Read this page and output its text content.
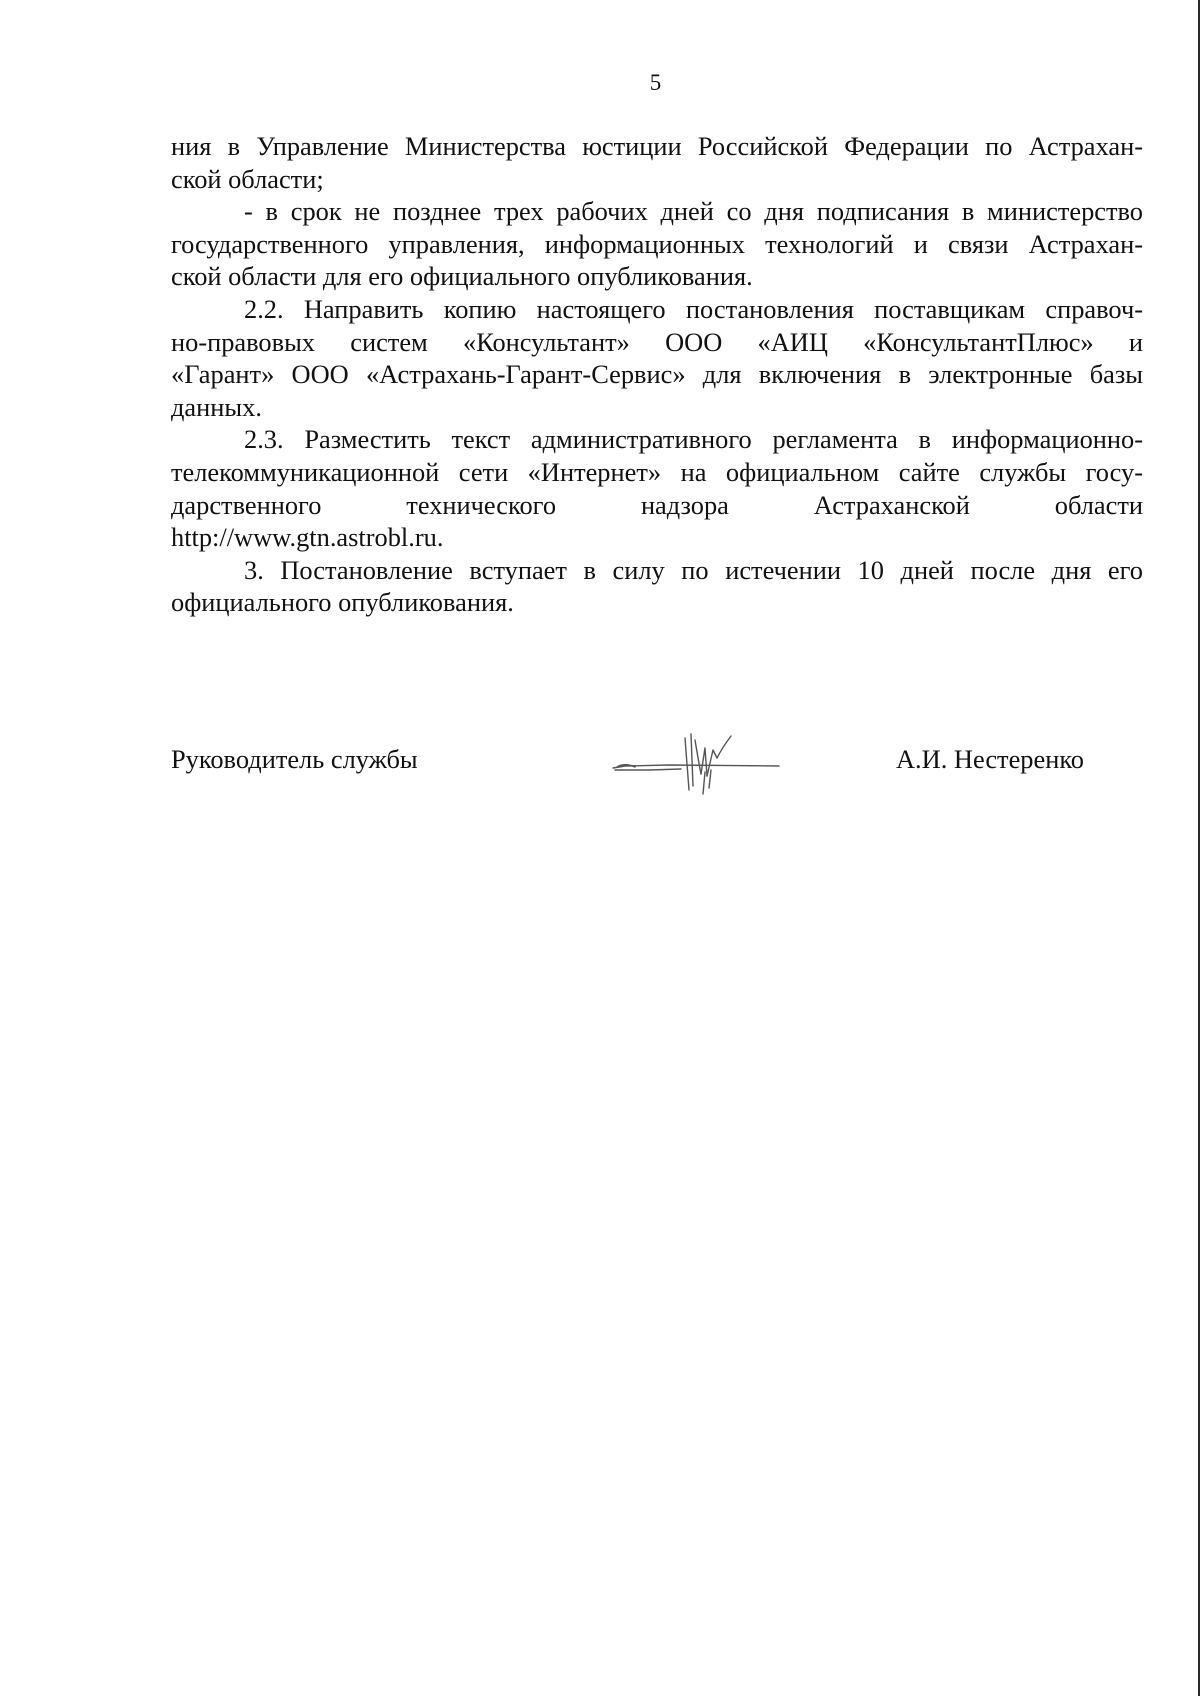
5
ния в Управление Министерства юстиции Российской Федерации по Астрахан-
ской области;
- в срок не позднее трех рабочих дней со дня подписания в министерство
государственного управления, информационных технологий и связи Астрахан-
ской области для его официального опубликования.
2.2. Направить копию настоящего постановления поставщикам справоч-
но-правовых систем «Консультант» ООО «АИЦ «КонсультантПлюс» и
«Гарант» ООО «Астрахань-Гарант-Сервис» для включения в электронные базы
данных.
2.3. Разместить текст административного регламента в информационно-
телекоммуникационной сети «Интернет» на официальном сайте службы госу-
дарственного технического надзора Астраханской области
http://www.gtn.astrobl.ru.
3. Постановление вступает в силу по истечении 10 дней после дня его
официального опубликования.
Руководитель службы	А.И. Нестеренко
